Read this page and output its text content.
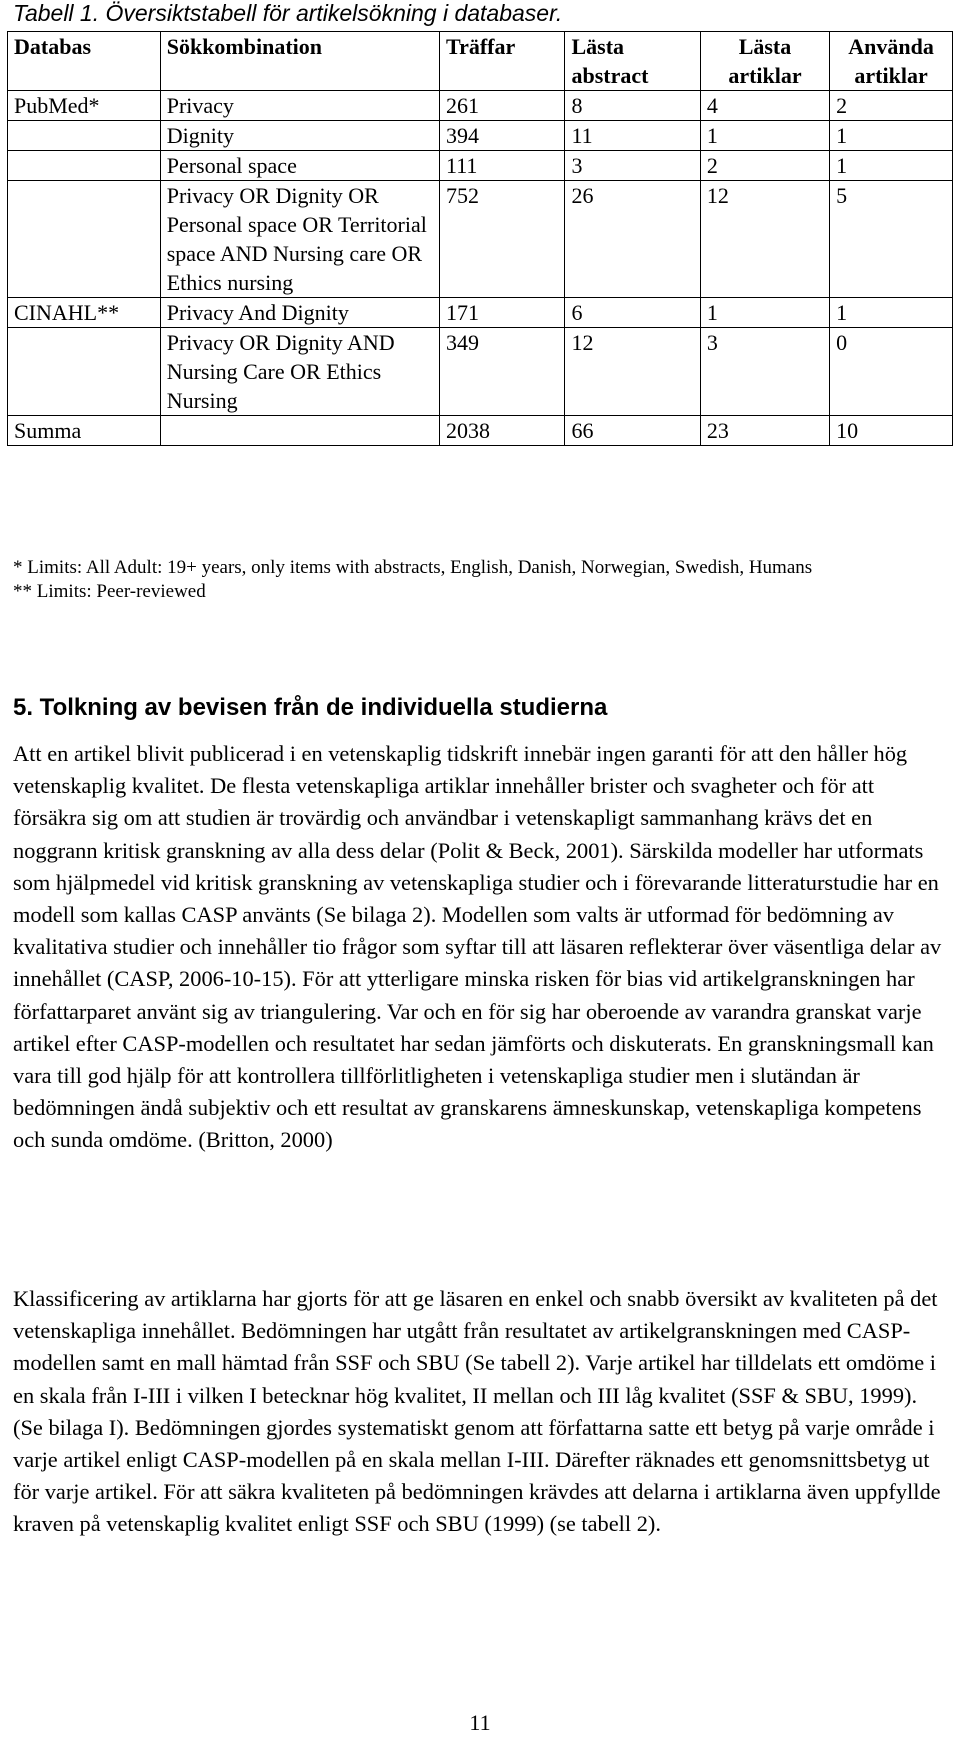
Tabell 1. Översiktstabell för artikelsökning i databaser.
Databas	Sökkombination	Träffar	Lästa abstract	Lästa artiklar	Använda artiklar
PubMed*	Privacy	261	8	4	2
	Dignity	394	11	1	1
	Personal space	111	3	2	1
	Privacy OR Dignity OR Personal space OR Territorial space AND Nursing care OR Ethics nursing	752	26	12	5
CINAHL**	Privacy And Dignity	171	6	1	1
	Privacy OR Dignity AND Nursing Care OR Ethics Nursing	349	12	3	0
Summa		2038	66	23	10
* Limits: All Adult: 19+ years, only items with abstracts, English, Danish, Norwegian, Swedish, Humans
** Limits: Peer-reviewed
5. Tolkning av bevisen från de individuella studierna
Att en artikel blivit publicerad i en vetenskaplig tidskrift innebär ingen garanti för att den håller hög vetenskaplig kvalitet. De flesta vetenskapliga artiklar innehåller brister och svagheter och för att försäkra sig om att studien är trovärdig och användbar i vetenskapligt sammanhang krävs det en noggrann kritisk granskning av alla dess delar (Polit & Beck, 2001). Särskilda modeller har utformats som hjälpmedel vid kritisk granskning av vetenskapliga studier och i förevarande litteraturstudie har en modell som kallas CASP använts (Se bilaga 2). Modellen som valts är utformad för bedömning av kvalitativa studier och innehåller tio frågor som syftar till att läsaren reflekterar över väsentliga delar av innehållet (CASP, 2006-10-15). För att ytterligare minska risken för bias vid artikelgranskningen har författarparet använt sig av triangulering. Var och en för sig har oberoende av varandra granskat varje artikel efter CASP-modellen och resultatet har sedan jämförts och diskuterats. En granskningsmall kan vara till god hjälp för att kontrollera tillförlitligheten i vetenskapliga studier men i slutändan är bedömningen ändå subjektiv och ett resultat av granskarens ämneskunskap, vetenskapliga kompetens och sunda omdöme. (Britton, 2000)
Klassificering av artiklarna har gjorts för att ge läsaren en enkel och snabb översikt av kvaliteten på det vetenskapliga innehållet. Bedömningen har utgått från resultatet av artikelgranskningen med CASP-modellen samt en mall hämtad från SSF och SBU (Se tabell 2). Varje artikel har tilldelats ett omdöme i en skala från I-III i vilken I betecknar hög kvalitet, II mellan och III låg kvalitet (SSF & SBU, 1999). (Se bilaga I). Bedömningen gjordes systematiskt genom att författarna satte ett betyg på varje område i varje artikel enligt CASP-modellen på en skala mellan I-III. Därefter räknades ett genomsnittsbetyg ut för varje artikel. För att säkra kvaliteten på bedömningen krävdes att delarna i artiklarna även uppfyllde kraven på vetenskaplig kvalitet enligt SSF och SBU (1999) (se tabell 2).
11
